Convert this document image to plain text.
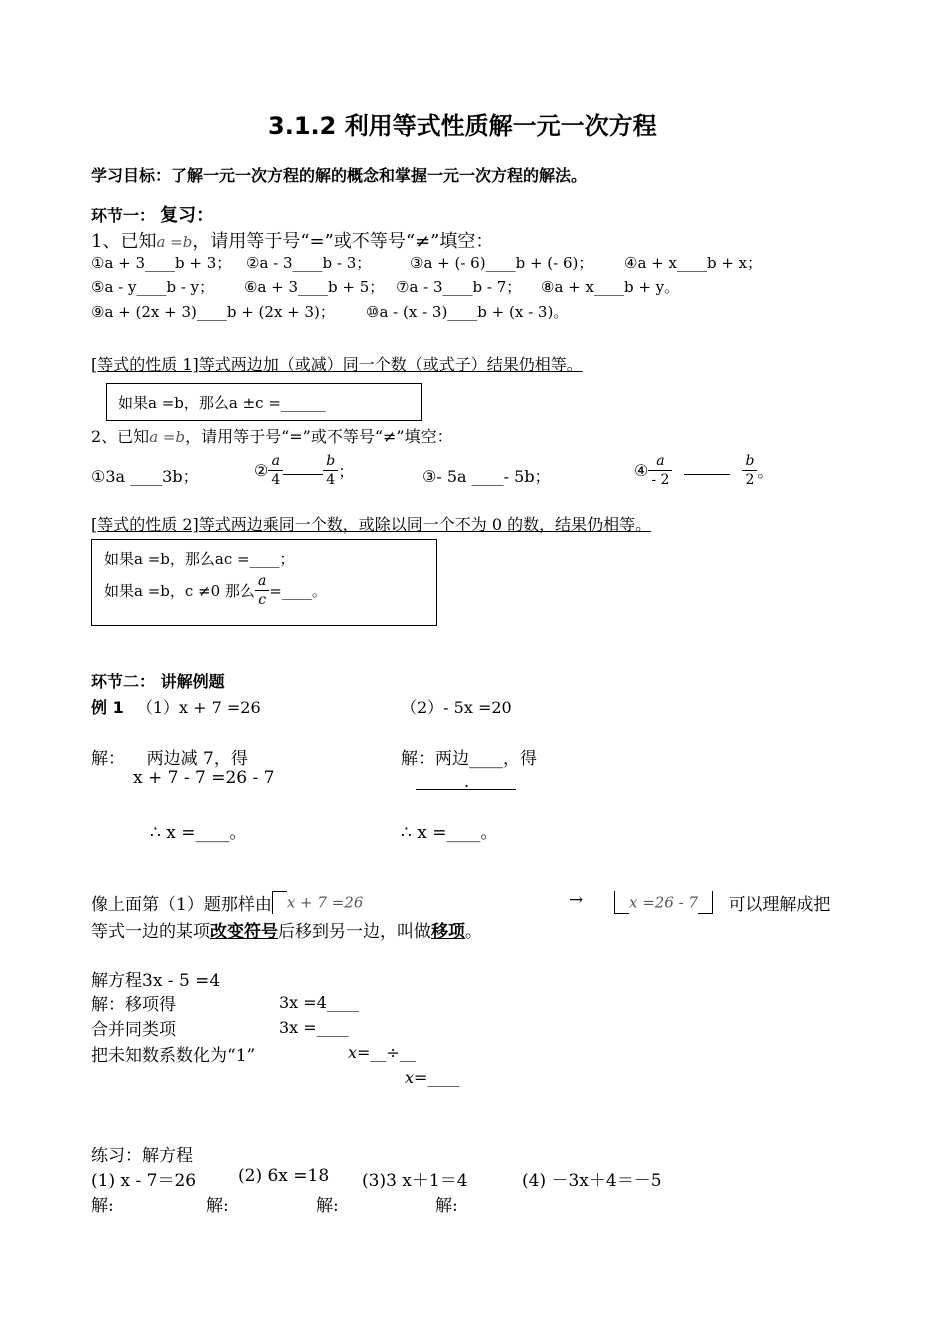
3.1.2 利用等式性质解一元一次方程
学习目标：了解一元一次方程的解的概念和掌握一元一次方程的解法。
环节一： 复习：
1、已知a =b，请用等于号“=”或不等号“≠”填空：
①a + 3____b + 3； ②a - 3____b - 3；	③a + (- 6)____b + (- 6)； ④a + x____b + x；
⑤a - y____b - y； ⑥a + 3____b + 5； ⑦a - 3____b - 7； ⑧a + x____b + y。
⑨a + (2x + 3)____b + (2x + 3)； ⑩a - (x - 3)____b + (x - 3)。
[等式的性质 1]等式两边加（或减）同一个数（或式子）结果仍相等。
如果a =b，那么a ±c =______
2、已知a =b，请用等于号“=”或不等号“≠”填空：
①3a ____3b；	② $\frac{a}{4}$	$\frac{b}{4}$ ；	③- 5a ____- 5b；	④ $\frac{a}{- 2}$	$\frac{b}{2}$ 。
[等式的性质 2]等式两边乘同一个数，或除以同一个不为 0 的数，结果仍相等。
如果a =b，那么ac =____；
如果a =b，c ≠0 那么 $\frac{a}{c}$ =____。
环节二： 讲解例题
例 1 （1）x + 7 =26	（2）- 5x =20
解：    两边减 7，得
x + 7 - 7 =26 - 7
∴ x =____。
解：两边____，得
.
∴ x =____。
像上面第（1）题那样由 x + 7 =26	→	x =26 - 7 可以理解成把
等式一边的某项改变符号后移到另一边，叫做移项。
解方程3x - 5 =4
解：移项得	3x =4____
合并同类项	3x =____
把未知数系数化为“1”	x=__÷__
x=____
练习：解方程
(1) x - 7＝26 (2) 6x =18 (3)3 x＋1＝4	(4) －3x＋4＝－5
解:	解:	解:	解:
